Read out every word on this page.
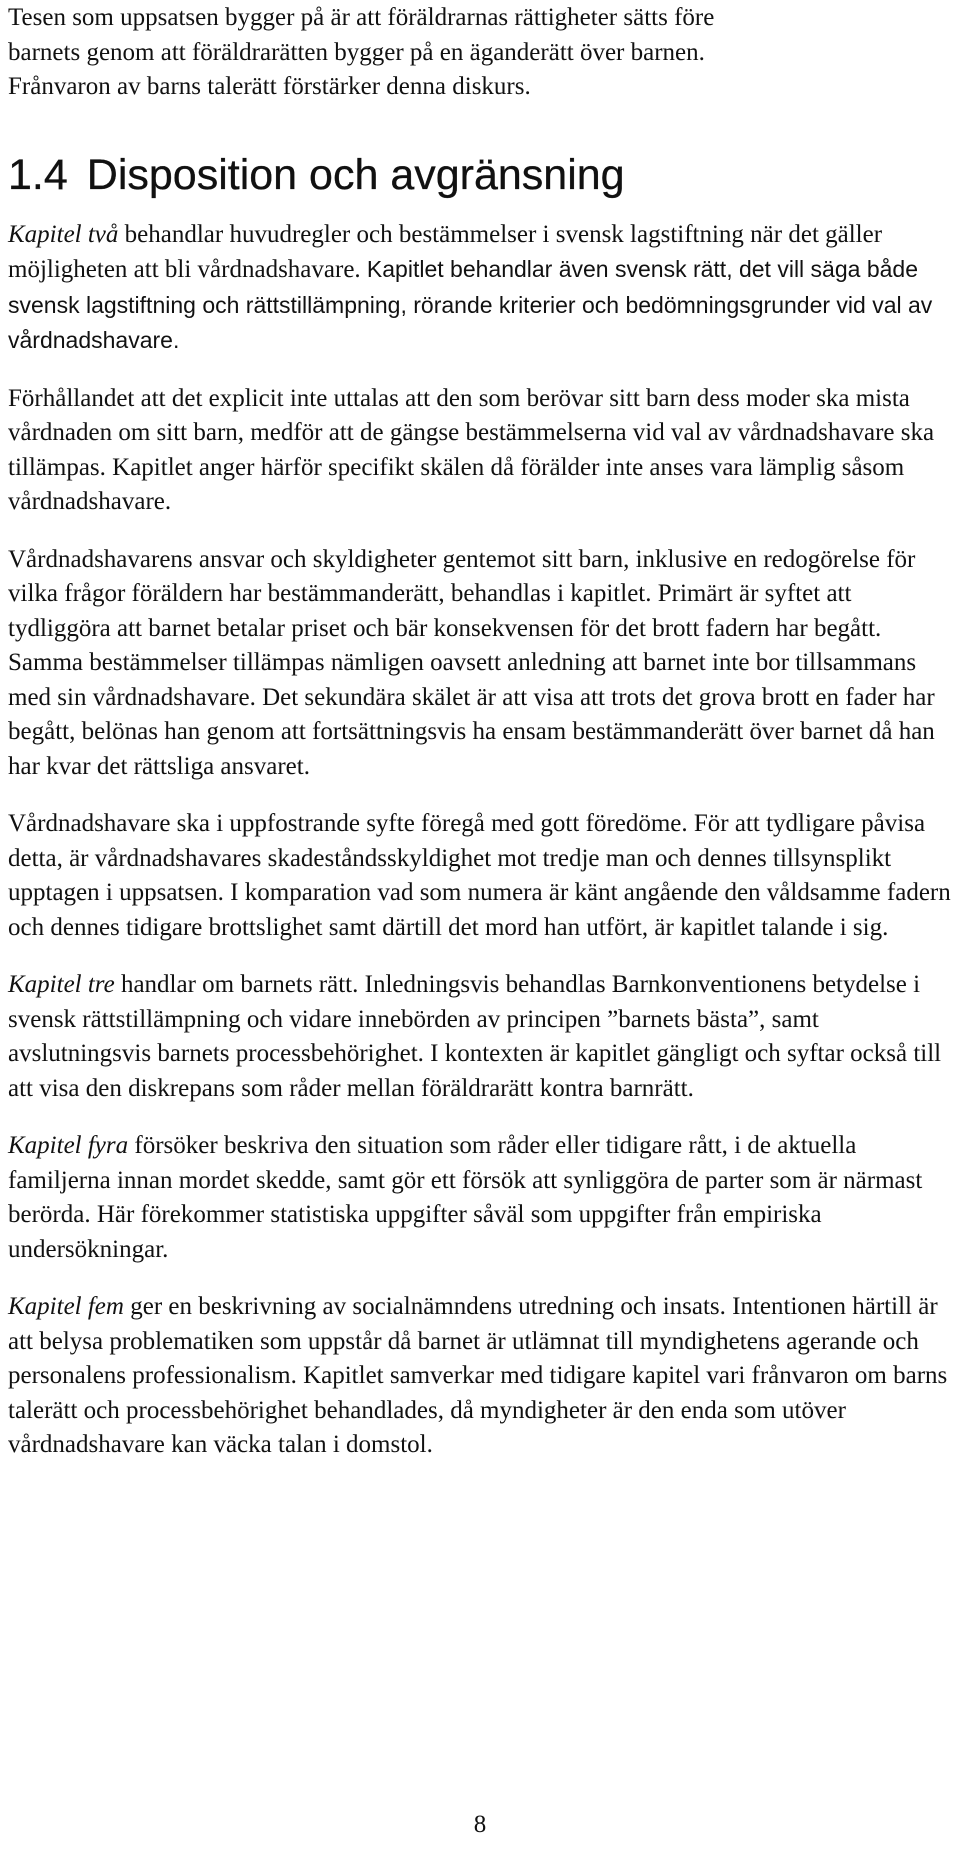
Tesen som uppsatsen bygger på är att föräldrarnas rättigheter sätts före
barnets genom att föräldrarätten bygger på en äganderätt över barnen.
Frånvaron av barns talerätt förstärker denna diskurs.

1.4 Disposition och avgränsning

Kapitel två behandlar huvudregler och bestämmelser i svensk lagstiftning när det gäller möjligheten att bli vårdnadshavare. Kapitlet behandlar även svensk rätt, det vill säga både svensk lagstiftning och rättstillämpning, rörande kriterier och bedömningsgrunder vid val av vårdnadshavare.

Förhållandet att det explicit inte uttalas att den som berövar sitt barn dess moder ska mista vårdnaden om sitt barn, medför att de gängse bestämmelserna vid val av vårdnadshavare ska tillämpas. Kapitlet anger härför specifikt skälen då förälder inte anses vara lämplig såsom vårdnadshavare.

Vårdnadshavarens ansvar och skyldigheter gentemot sitt barn, inklusive en redogörelse för vilka frågor föräldern har bestämmanderätt, behandlas i kapitlet. Primärt är syftet att tydliggöra att barnet betalar priset och bär konsekvensen för det brott fadern har begått. Samma bestämmelser tillämpas nämligen oavsett anledning att barnet inte bor tillsammans med sin vårdnadshavare. Det sekundära skälet är att visa att trots det grova brott en fader har begått, belönas han genom att fortsättningsvis ha ensam bestämmanderätt över barnet då han har kvar det rättsliga ansvaret.

Vårdnadshavare ska i uppfostrande syfte föregå med gott föredöme. För att tydligare påvisa detta, är vårdnadshavares skadeståndsskyldighet mot tredje man och dennes tillsynsplikt upptagen i uppsatsen. I komparation vad som numera är känt angående den våldsamme fadern och dennes tidigare brottslighet samt därtill det mord han utfört, är kapitlet talande i sig.

Kapitel tre handlar om barnets rätt. Inledningsvis behandlas Barnkonventionens betydelse i svensk rättstillämpning och vidare innebörden av principen ”barnets bästa”, samt avslutningsvis barnets processbehörighet. I kontexten är kapitlet gängligt och syftar också till att visa den diskrepans som råder mellan föräldrarätt kontra barnrätt.

Kapitel fyra försöker beskriva den situation som råder eller tidigare rått, i de aktuella familjerna innan mordet skedde, samt gör ett försök att synliggöra de parter som är närmast berörda. Här förekommer statistiska uppgifter såväl som uppgifter från empiriska undersökningar.

Kapitel fem ger en beskrivning av socialnämndens utredning och insats. Intentionen härtill är att belysa problematiken som uppstår då barnet är utlämnat till myndighetens agerande och personalens professionalism. Kapitlet samverkar med tidigare kapitel vari frånvaron om barns talerätt och processbehörighet behandlades, då myndigheter är den enda som utöver vårdnadshavare kan väcka talan i domstol.

8
